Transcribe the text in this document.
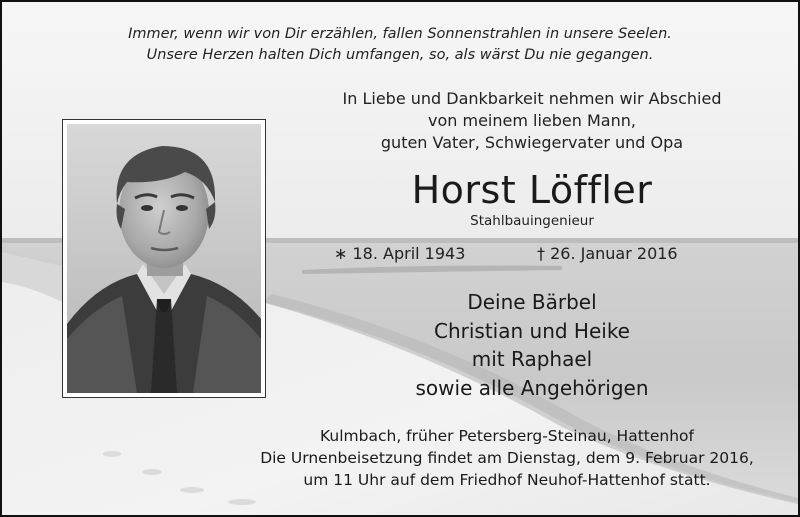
Immer, wenn wir von Dir erzählen, fallen Sonnenstrahlen in unsere Seelen.
Unsere Herzen halten Dich umfangen, so, als wärst Du nie gegangen.
In Liebe und Dankbarkeit nehmen wir Abschied
von meinem lieben Mann,
guten Vater, Schwiegervater und Opa
Horst Löffler
Stahlbauingenieur
∗ 18. April 1943	† 26. Januar 2016
Deine Bärbel
Christian und Heike
mit Raphael
sowie alle Angehörigen
Kulmbach, früher Petersberg-Steinau, Hattenhof
Die Urnenbeisetzung findet am Dienstag, dem 9. Februar 2016,
um 11 Uhr auf dem Friedhof Neuhof-Hattenhof statt.
